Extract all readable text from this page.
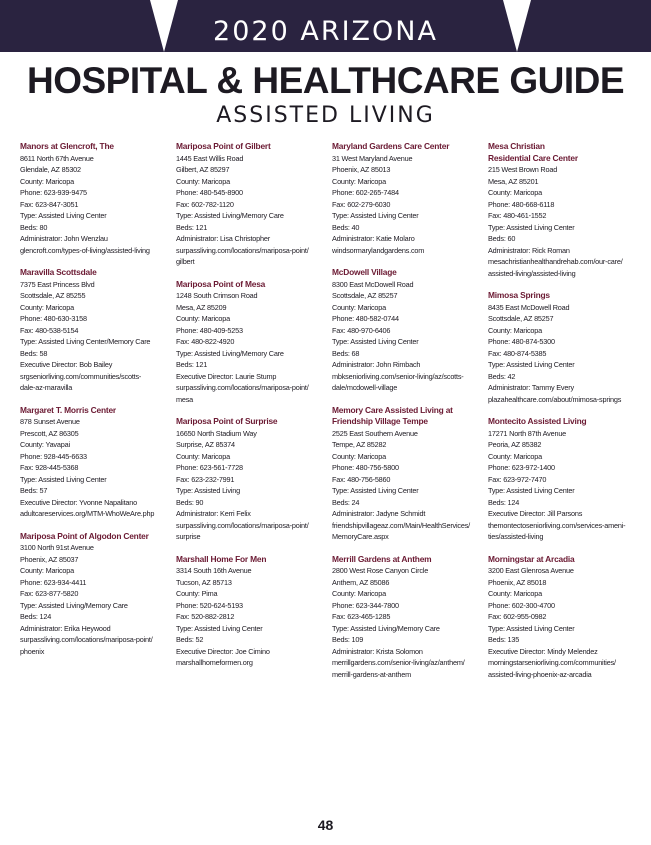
2020 ARIZONA
HOSPITAL & HEALTHCARE GUIDE
ASSISTED LIVING
Manors at Glencroft, The
8611 North 67th Avenue
Glendale, AZ 85302
County: Maricopa
Phone: 623-939-9475
Fax: 623-847-3051
Type: Assisted Living Center
Beds: 80
Administrator: John Wenzlau
glencroft.com/types-of-living/assisted-living
Maravilla Scottsdale
7375 East Princess Blvd
Scottsdale, AZ 85255
County: Maricopa
Phone: 480-630-3158
Fax: 480-538-5154
Type: Assisted Living Center/Memory Care
Beds: 58
Executive Director: Bob Bailey
srgseniorliving.com/communities/scotts-
dale-az-maravilla
Margaret T. Morris Center
878 Sunset Avenue
Prescott, AZ 86305
County: Yavapai
Phone: 928-445-6633
Fax: 928-445-5368
Type: Assisted Living Center
Beds: 57
Executive Director: Yvonne Napalitano
adultcareservices.org/MTM-WhoWeAre.php
Mariposa Point of Algodon Center
3100 North 91st Avenue
Phoenix, AZ 85037
County: Maricopa
Phone: 623-934-4411
Fax: 623-877-5820
Type: Assisted Living/Memory Care
Beds: 124
Administrator: Erika Heywood
surpassliving.com/locations/mariposa-point/
phoenix
Mariposa Point of Gilbert
1445 East Willis Road
Gilbert, AZ 85297
County: Maricopa
Phone: 480-545-8900
Fax: 602-782-1120
Type: Assisted Living/Memory Care
Beds: 121
Administrator: Lisa Christopher
surpassliving.com/locations/mariposa-point/
gilbert
Mariposa Point of Mesa
1248 South Crimson Road
Mesa, AZ 85209
County: Maricopa
Phone: 480-409-5253
Fax: 480-822-4920
Type: Assisted Living/Memory Care
Beds: 121
Executive Director: Laurie Stump
surpassliving.com/locations/mariposa-point/
mesa
Mariposa Point of Surprise
16650 North Stadium Way
Surprise, AZ 85374
County: Maricopa
Phone: 623-561-7728
Fax: 623-232-7991
Type: Assisted Living
Beds: 90
Administrator: Kerri Felix
surpassliving.com/locations/mariposa-point/
surprise
Marshall Home For Men
3314 South 16th Avenue
Tucson, AZ 85713
County: Pima
Phone: 520-624-5193
Fax: 520-882-2812
Type: Assisted Living Center
Beds: 52
Executive Director: Joe Cimino
marshallhomeformen.org
Maryland Gardens Care Center
31 West Maryland Avenue
Phoenix, AZ 85013
County: Maricopa
Phone: 602-265-7484
Fax: 602-279-6030
Type: Assisted Living Center
Beds: 40
Administrator: Katie Molaro
windsormarylandgardens.com
McDowell Village
8300 East McDowell Road
Scottsdale, AZ 85257
County: Maricopa
Phone: 480-582-0744
Fax: 480-970-6406
Type: Assisted Living Center
Beds: 68
Administrator: John Rimbach
mbkseniorliving.com/senior-living/az/scotts-
dale/mcdowell-village
Memory Care Assisted Living at
Friendship Village Tempe
2525 East Southern Avenue
Tempe, AZ 85282
County: Maricopa
Phone: 480-756-5800
Fax: 480-756-5860
Type: Assisted Living Center
Beds: 24
Administrator: Jadyne Schmidt
friendshipvillageaz.com/Main/HealthServices/
MemoryCare.aspx
Merrill Gardens at Anthem
2800 West Rose Canyon Circle
Anthem, AZ 85086
County: Maricopa
Phone: 623-344-7800
Fax: 623-465-1285
Type: Assisted Living/Memory Care
Beds: 109
Administrator: Krista Solomon
merrillgardens.com/senior-living/az/anthem/
merrill-gardens-at-anthem
Mesa Christian
Residential Care Center
215 West Brown Road
Mesa, AZ 85201
County: Maricopa
Phone: 480-668-6118
Fax: 480-461-1552
Type: Assisted Living Center
Beds: 60
Administrator: Rick Roman
mesachristianhealthandrehab.com/our-care/
assisted-living/assisted-living
Mimosa Springs
8435 East McDowell Road
Scottsdale, AZ 85257
County: Maricopa
Phone: 480-874-5300
Fax: 480-874-5385
Type: Assisted Living Center
Beds: 42
Administrator: Tammy Every
plazahealthcare.com/about/mimosa-springs
Montecito Assisted Living
17271 North 87th Avenue
Peoria, AZ 85382
County: Maricopa
Phone: 623-972-1400
Fax: 623-972-7470
Type: Assisted Living Center
Beds: 124
Executive Director: Jill Parsons
themontectoseniorliving.com/services-ameni-
ties/assisted-living
Morningstar at Arcadia
3200 East Glenrosa Avenue
Phoenix, AZ 85018
County: Maricopa
Phone: 602-300-4700
Fax: 602-955-0982
Type: Assisted Living Center
Beds: 135
Executive Director: Mindy Melendez
morningstarseniorliving.com/communities/
assisted-living-phoenix-az-arcadia
48
